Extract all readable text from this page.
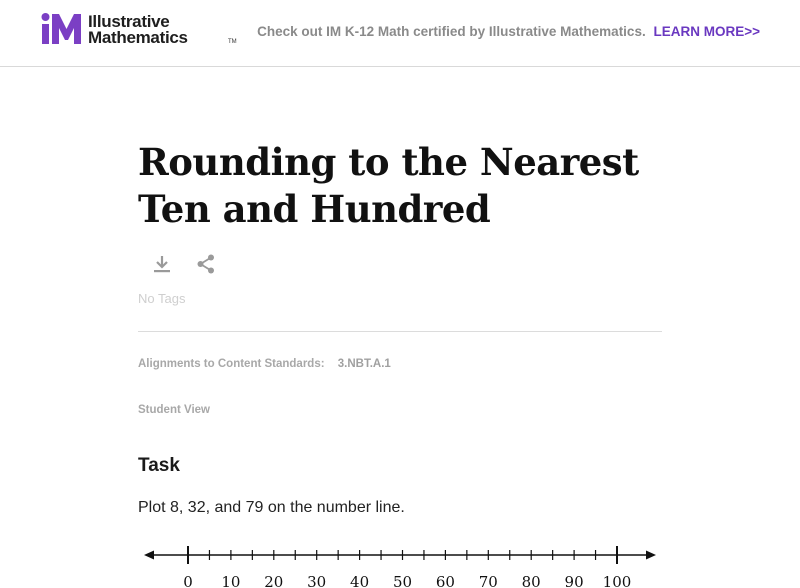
Illustrative
Mathematics	TM
Check out IM K-12 Math certified by Illustrative Mathematics. LEARN MORE>>
Rounding to the Nearest Ten and Hundred
No Tags
Alignments to Content Standards: 3.NBT.A.1
Student View
Task

Plot 8, 32, and 79 on the number line.

0 10 20 30 40 50 60 70 80 90 100
